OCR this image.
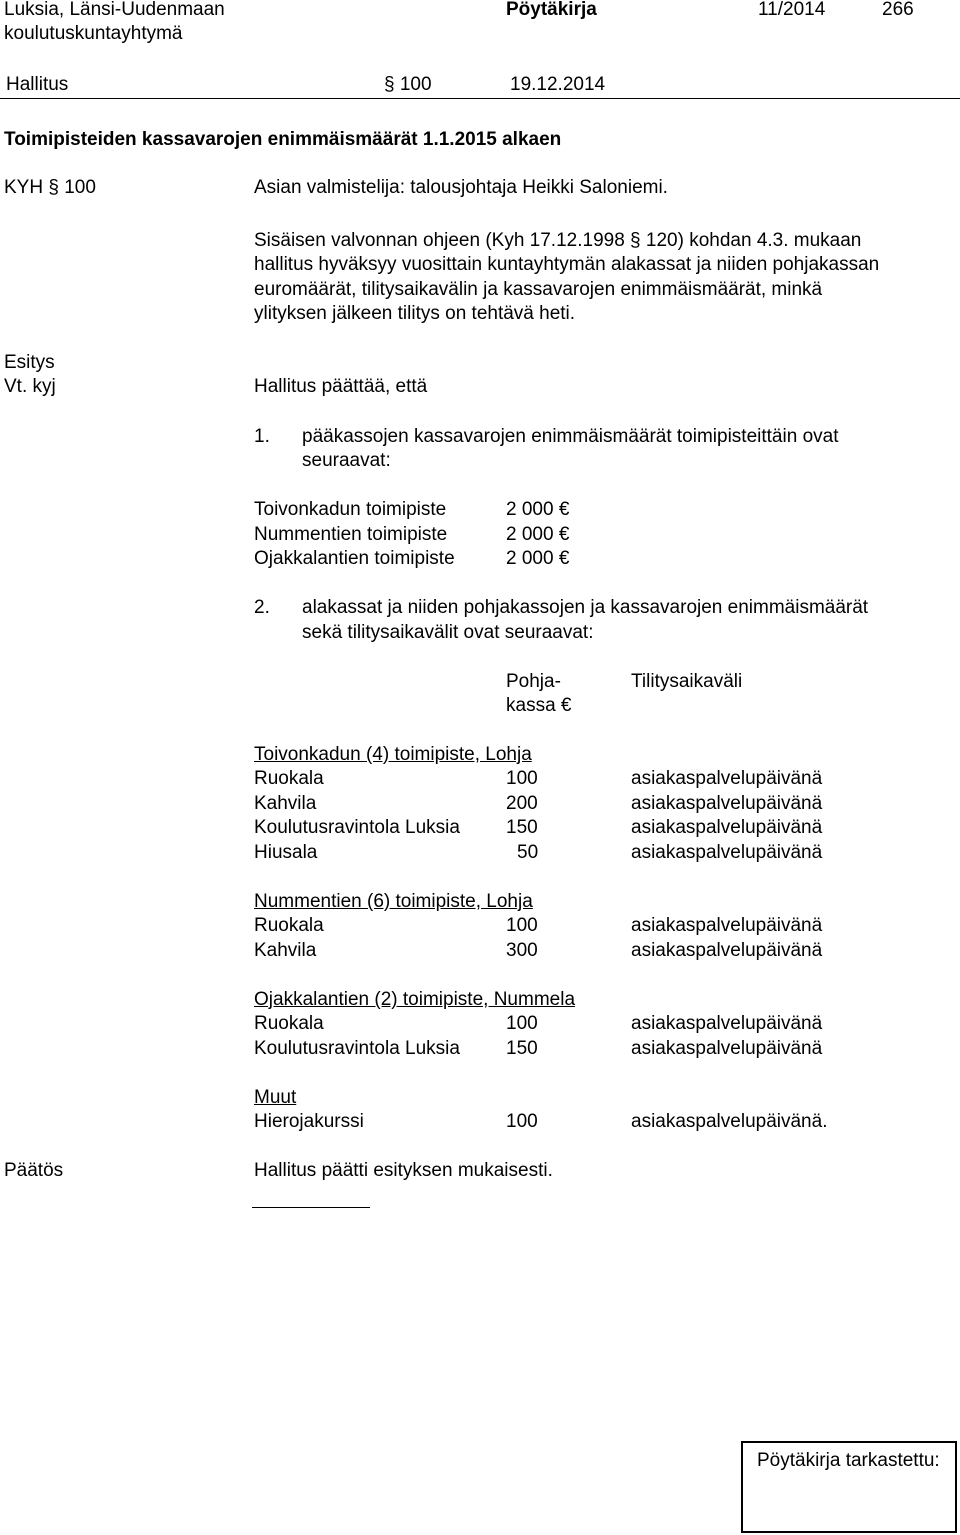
Luksia, Länsi-Uudenmaan
koulutuskuntayhtymä
Pöytäkirja	11/2014	266
Hallitus	§ 100	19.12.2014
Toimipisteiden kassavarojen enimmäismäärät 1.1.2015 alkaen
KYH § 100	Asian valmistelija: talousjohtaja Heikki Saloniemi.
Sisäisen valvonnan ohjeen (Kyh 17.12.1998 § 120) kohdan 4.3. mukaan
hallitus hyväksyy vuosittain kuntayhtymän alakassat ja niiden pohjakassan
euromäärät, tilitysaikavälin ja kassavarojen enimmäismäärät, minkä
ylityksen jälkeen tilitys on tehtävä heti.
Esitys
Vt. kyj	Hallitus päättää, että
1. pääkassojen kassavarojen enimmäismäärät toimipisteittäin ovat
seuraavat:
Toivonkadun toimipiste	2 000 €
Nummentien toimipiste	2 000 €
Ojakkalantien toimipiste	2 000 €
2. alakassat ja niiden pohjakassojen ja kassavarojen enimmäismäärät
sekä tilitysaikavälit ovat seuraavat:
Pohja-
kassa €
Tilitysaikaväli
Toivonkadun (4) toimipiste, Lohja
Ruokala	100	asiakaspalvelupäivänä
Kahvila	200	asiakaspalvelupäivänä
Koulutusravintola Luksia 150	asiakaspalvelupäivänä
Hiusala	50	asiakaspalvelupäivänä
Nummentien (6) toimipiste, Lohja
Ruokala	100	asiakaspalvelupäivänä
Kahvila	300	asiakaspalvelupäivänä
Ojakkalantien (2) toimipiste, Nummela
Ruokala	100	asiakaspalvelupäivänä
Koulutusravintola Luksia 150	asiakaspalvelupäivänä
Muut
Hierojakurssi	100	asiakaspalvelupäivänä.
Päätös	Hallitus päätti esityksen mukaisesti.
Pöytäkirja tarkastettu:
